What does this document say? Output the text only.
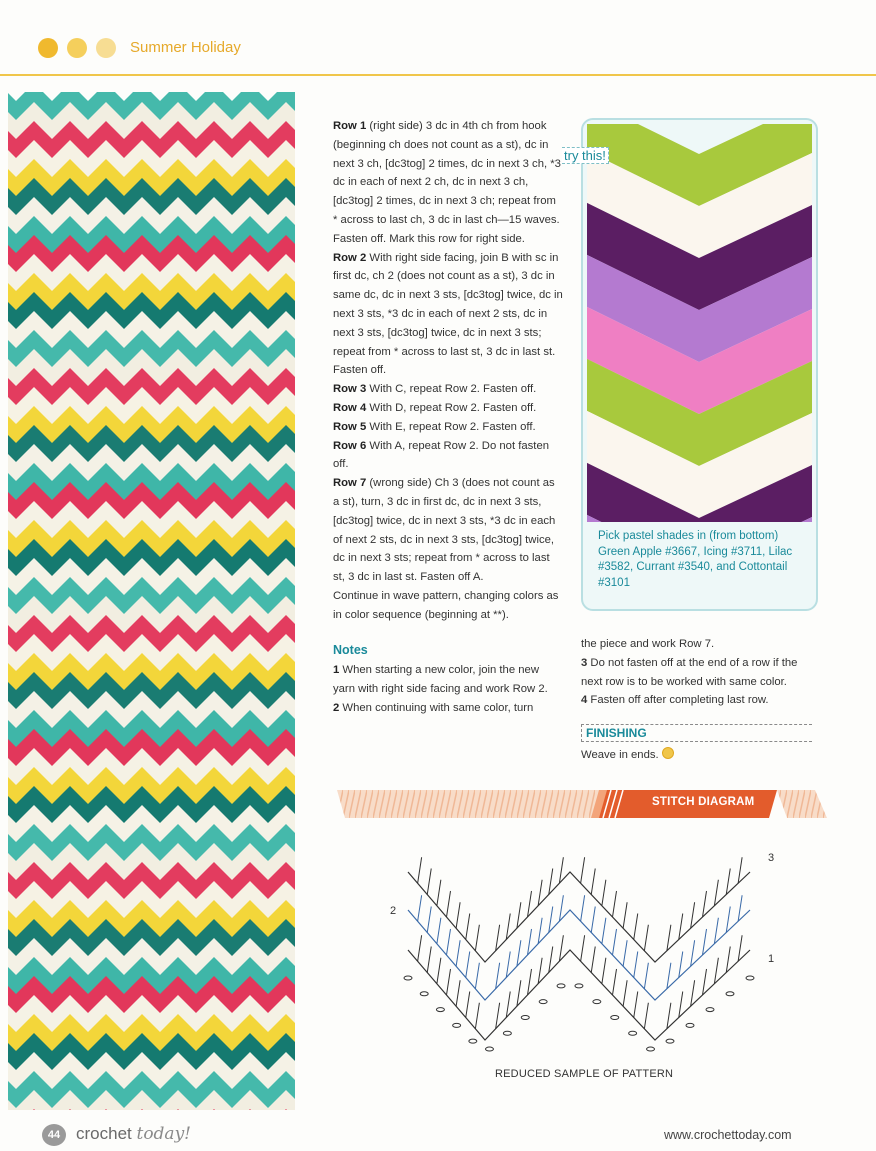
Summer Holiday

Row 1 (right side) 3 dc in 4th ch from hook (beginning ch does not count as a st), dc in next 3 ch, [dc3tog] 2 times, dc in next 3 ch, *3 dc in each of next 2 ch, dc in next 3 ch, [dc3tog] 2 times, dc in next 3 ch; repeat from * across to last ch, 3 dc in last ch—15 waves. Fasten off. Mark this row for right side.

Row 2 With right side facing, join B with sc in first dc, ch 2 (does not count as a st), 3 dc in same dc, dc in next 3 sts, [dc3tog] twice, dc in next 3 sts, *3 dc in each of next 2 sts, dc in next 3 sts, [dc3tog] twice, dc in next 3 sts; repeat from * across to last st, 3 dc in last st. Fasten off.

Row 3 With C, repeat Row 2. Fasten off.

Row 4 With D, repeat Row 2. Fasten off.

Row 5 With E, repeat Row 2. Fasten off.

Row 6 With A, repeat Row 2. Do not fasten off.

Row 7 (wrong side) Ch 3 (does not count as a st), turn, 3 dc in first dc, dc in next 3 sts, [dc3tog] twice, dc in next 3 sts, *3 dc in each of next 2 sts, dc in next 3 sts, [dc3tog] twice, dc in next 3 sts; repeat from * across to last st, 3 dc in last st. Fasten off A.

Continue in wave pattern, changing colors as in color sequence (beginning at **).

Notes

1 When starting a new color, join the new yarn with right side facing and work Row 2.

2 When continuing with same color, turn

try this!
Pick pastel shades in (from bottom) Green Apple #3667, Icing #3711, Lilac #3582, Currant #3540, and Cottontail #3101

the piece and work Row 7.

3 Do not fasten off at the end of a row if the next row is to be worked with same color.

4 Fasten off after completing last row.

FINISHING

Weave in ends.

STITCH DIAGRAM
3
2
1
REDUCED SAMPLE OF PATTERN
44 crochet today!	www.crochettoday.com
